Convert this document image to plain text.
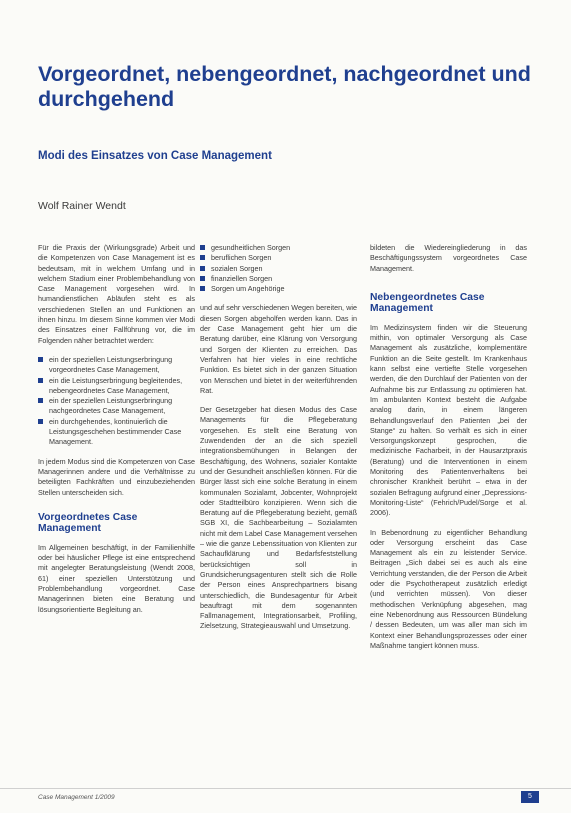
Vorgeordnet, nebengeordnet, nachgeordnet und durchgehend
Modi des Einsatzes von Case Management
Wolf Rainer Wendt

Für die Praxis der (Wirkungsgrade) Arbeit und die Kompetenzen von Case Management ist es bedeutsam, mit in welchem Umfang und in welchem Stadium einer Problembehandlung von Case Management vorgesehen wird. In humandienstlichen Abläufen steht es als verschiedenen Stellen an und Funktionen an ihnen hinzu. Im diesem Sinne kommen vier Modi des Einsatzes einer Fallführung vor, die im Folgenden näher betrachtet werden:

ein der speziellen Leistungserbringung vorgeordnetes Case Management,
ein die Leistungserbringung begleitendes, nebengeordnetes Case Management,
ein der speziellen Leistungserbringung nachgeordnetes Case Management,
ein durchgehendes, kontinuierlich die Leistungsgeschehen bestimmender Case Management.

In jedem Modus sind die Kompetenzen von Case Managerinnen andere und die Verhältnisse zu beteiligten Fachkräften und einzubeziehenden Stellen unterscheiden sich.

Vorgeordnetes Case Management

Im Allgemeinen beschäftigt, in der Familienhilfe oder bei häuslicher Pflege ist eine entsprechend mit angelegter Beratungsleistung (Wendt 2008, 61) einer speziellen Unterstützung und Problembehandlung vorgeordnet. Case Managerinnen bieten eine Beratung und lösungsorientierte Begleitung an.

gesundheitlichen Sorgen
beruflichen Sorgen
sozialen Sorgen
finanziellen Sorgen
Sorgen um Angehörige

und auf sehr verschiedenen Wegen bereiten, wie diesen Sorgen abgeholfen werden kann. Das in der Case Management geht hier um die Beratung darüber, eine Klärung von Versorgung und Sorgen der Klienten zu erreichen. Das Verfahren hat hier vieles in eine rechtliche Funktion. Es bietet sich in der ganzen Situation von Menschen und bietet in der weiterführenden Rat.

Der Gesetzgeber hat diesen Modus des Case Managements für die Pflegeberatung vorgesehen. Es stellt eine Beratung von Zuwendenden der an die sich speziell integrationsbemühungen in Belangen der Beschäftigung, des Wohnens, sozialer Kontakte und der Gesundheit anschließen können. Für die Bürger lässt sich eine solche Beratung in einem kommunalen Sozialamt, Jobcenter, Wohnprojekt oder Stadtteilbüro konzipieren. Wenn sich die Beratung auf die Pflegeberatung bezieht, gemäß SGB XI, die Sachbearbeitung – Sozialamten nicht mit dem Label Case Management versehen – wie die ganze Lebenssituation von Klienten zur Sachaufklärung und Bedarfsfeststellung berücksichtigen soll in Grundsicherungsagenturen stellt sich die Rolle der Person eines Ansprechpartners bisang unterschiedlich, die Bundesagentur für Arbeit beauftragt mit dem sogenannten Fallmanagement, Integrationsarbeit, Profiling, Zielsetzung, Strategieauswahl und Umsetzung.

bildeten die Wiedereingliederung in das Beschäftigungssystem vorgeordnetes Case Management.

Nebengeordnetes Case Management

Im Medizinsystem finden wir die Steuerung mithin, von optimaler Versorgung als Case Management als zusätzliche, komplementäre Funktion an die Seite gestellt. Im Krankenhaus kann selbst eine vertiefte Stelle vorgesehen werden, die den Durchlauf der Patienten von der Aufnahme bis zur Entlassung zu optimieren hat. Im ambulanten Kontext besteht die Aufgabe analog darin, in einem längeren Behandlungsverlauf den Patienten „bei der Stange“ zu halten. So verhält es sich in einer Versorgungskonzept gesprochen, die medizinische Facharbeit, in der Hausarztpraxis (Beratung) und die Interventionen in einem Monitoring des Patientenverhaltens bei chronischer Krankheit berührt – etwa in der sozialen Befragung aufgrund einer „Depressions-Monitoring-Liste“ (Fehrich/Pudel/Sorge et al. 2006).

In Bebenordnung zu eigentlicher Behandlung oder Versorgung erscheint das Case Management als ein zu leistender Service. Beitragen „Sich dabei sei es auch als eine Verrichtung verstanden, die der Person die Arbeit oder die Psychotherapeut zusätzlich erledigt (und verrichten müssen). Von dieser methodischen Verknüpfung abgesehen, mag eine Nebenordnung aus Ressourcen Bündelung / dessen Bedeuten, um was aller man sich im Kontext einer Behandlungsprozesses oder einer Maßnahme tangiert können muss.

Case Management 1/2009	5
